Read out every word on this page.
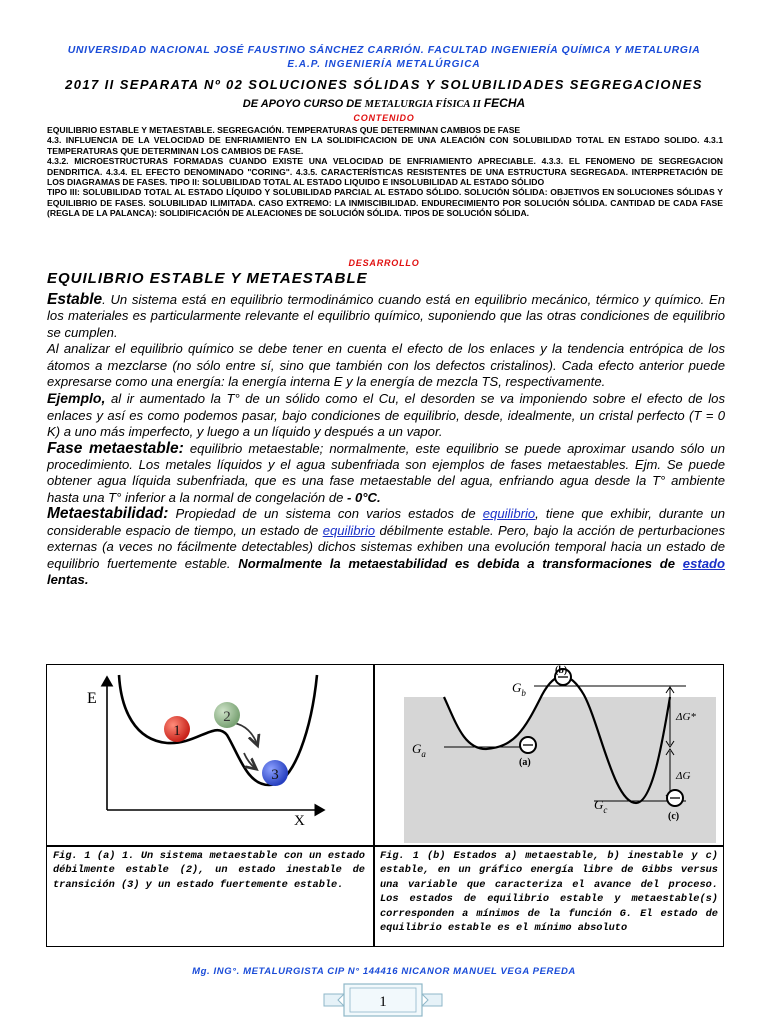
UNIVERSIDAD NACIONAL JOSÉ FAUSTINO SÁNCHEZ CARRIÓN. FACULTAD INGENIERÍA QUÍMICA Y METALURGIA
E.A.P. INGENIERÍA METALÚRGICA
2017 II SEPARATA Nº 02 SOLUCIONES SÓLIDAS Y SOLUBILIDADES SEGREGACIONES
DE APOYO CURSO DE METALURGIA FÍSICA II FECHA
CONTENIDO

EQUILIBRIO ESTABLE Y METAESTABLE. SEGREGACIÓN. TEMPERATURAS QUE DETERMINAN CAMBIOS DE FASE

4.3. INFLUENCIA DE LA VELOCIDAD DE ENFRIAMIENTO EN LA SOLIDIFICACION DE UNA ALEACIÓN CON SOLUBILIDAD TOTAL EN ESTADO SOLIDO. 4.3.1 TEMPERATURAS QUE DETERMINAN LOS CAMBIOS DE FASE.

4.3.2. MICROESTRUCTURAS FORMADAS CUANDO EXISTE UNA VELOCIDAD DE ENFRIAMIENTO APRECIABLE. 4.3.3. EL FENOMENO DE SEGREGACION DENDRITICA. 4.3.4. EL EFECTO DENOMINADO "CORING". 4.3.5. CARACTERÍSTICAS RESISTENTES DE UNA ESTRUCTURA SEGREGADA. INTERPRETACIÓN DE LOS DIAGRAMAS DE FASES. TIPO II: SOLUBILIDAD TOTAL AL ESTADO LIQUIDO E INSOLUBILIDAD AL ESTADO SÓLIDO

TIPO III: SOLUBILIDAD TOTAL AL ESTADO LÍQUIDO Y SOLUBILIDAD PARCIAL AL ESTADO SÓLIDO. SOLUCIÓN SÓLIDA: OBJETIVOS EN SOLUCIONES SÓLIDAS Y EQUILIBRIO DE FASES. SOLUBILIDAD ILIMITADA. CASO EXTREMO: LA INMISCIBILIDAD. ENDURECIMIENTO POR SOLUCIÓN SÓLIDA. CANTIDAD DE CADA FASE (REGLA DE LA PALANCA): SOLIDIFICACIÓN DE ALEACIONES DE SOLUCIÓN SÓLIDA. TIPOS DE SOLUCIÓN SÓLIDA.

DESARROLLO
EQUILIBRIO ESTABLE Y METAESTABLE

Estable. Un sistema está en equilibrio termodinámico cuando está en equilibrio mecánico, térmico y químico. En los materiales es particularmente relevante el equilibrio químico, suponiendo que las otras condiciones de equilibrio se cumplen.

Al analizar el equilibrio químico se debe tener en cuenta el efecto de los enlaces y la tendencia entrópica de los átomos a mezclarse (no sólo entre sí, sino que también con los defectos cristalinos). Cada efecto anterior puede expresarse como una energía: la energía interna E y la energía de mezcla TS, respectivamente.

Ejemplo, al ir aumentado la T° de un sólido como el Cu, el desorden se va imponiendo sobre el efecto de los enlaces y así es como podemos pasar, bajo condiciones de equilibrio, desde, idealmente, un cristal perfecto (T = 0 K) a uno más imperfecto, y luego a un líquido y después a un vapor.

Fase metaestable: equilibrio metaestable; normalmente, este equilibrio se puede aproximar usando sólo un procedimiento. Los metales líquidos y el agua subenfriada son ejemplos de fases metaestables. Ejm. Se puede obtener agua líquida subenfriada, que es una fase metaestable del agua, enfriando agua desde la T° ambiente hasta una T° inferior a la normal de congelación de - 0°C.

Metaestabilidad: Propiedad de un sistema con varios estados de equilibrio, tiene que exhibir, durante un considerable espacio de tiempo, un estado de equilibrio débilmente estable. Pero, bajo la acción de perturbaciones externas (a veces no fácilmente detectables) dichos sistemas exhiben una evolución temporal hacia un estado de equilibrio fuertemente estable. Normalmente la metaestabilidad es debida a transformaciones de estado lentas.

E
X
1
2
3
(b)
(a)
(c)
$G_b$
$G_a$
$G_c$
ΔG*
ΔG
Fig. 1 (a) 1. Un sistema metaestable con un estado débilmente estable (2), un estado inestable de transición (3) y un estado fuertemente estable.
Fig. 1 (b) Estados a) metaestable, b) inestable y c) estable, en un gráfico energía libre de Gibbs versus una variable que caracteriza el avance del proceso. Los estados de equilibrio estable y metaestable(s) corresponden a mínimos de la función G. El estado de equilibrio estable es el mínimo absoluto
Mg. ING°. METALURGISTA CIP N° 144416 NICANOR MANUEL VEGA PEREDA
1
